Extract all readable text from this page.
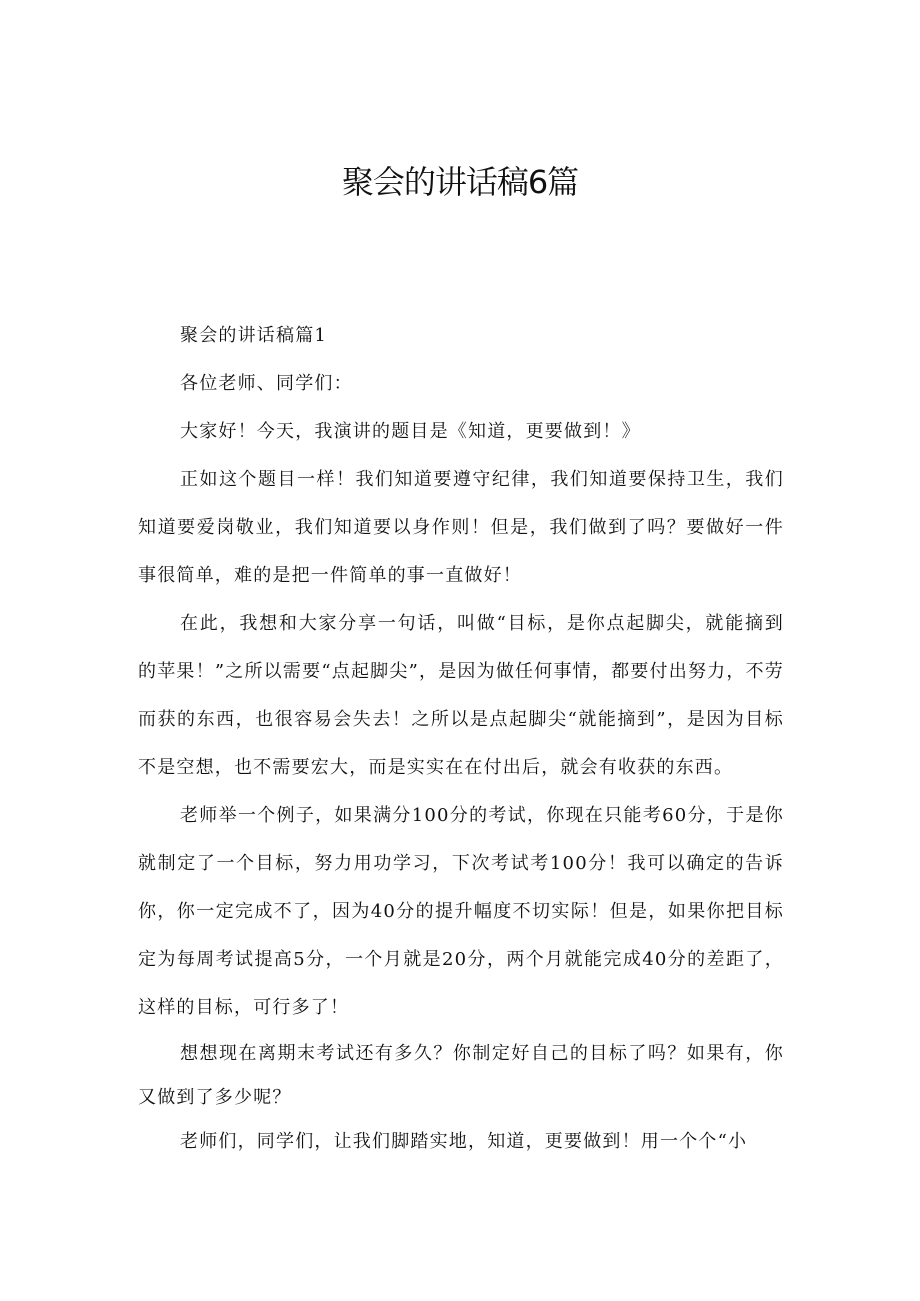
聚会的讲话稿6篇

聚会的讲话稿篇1

各位老师、同学们：

大家好！今天，我演讲的题目是《知道，更要做到！》

正如这个题目一样！我们知道要遵守纪律，我们知道要保持卫生，我们知道要爱岗敬业，我们知道要以身作则！但是，我们做到了吗？要做好一件事很简单，难的是把一件简单的事一直做好！

在此，我想和大家分享一句话，叫做“目标，是你点起脚尖，就能摘到的苹果！”之所以需要“点起脚尖”，是因为做任何事情，都要付出努力，不劳而获的东西，也很容易会失去！之所以是点起脚尖“就能摘到”，是因为目标不是空想，也不需要宏大，而是实实在在付出后，就会有收获的东西。

老师举一个例子，如果满分100分的考试，你现在只能考60分，于是你就制定了一个目标，努力用功学习，下次考试考100分！我可以确定的告诉你，你一定完成不了，因为40分的提升幅度不切实际！但是，如果你把目标定为每周考试提高5分，一个月就是20分，两个月就能完成40分的差距了，这样的目标，可行多了！

想想现在离期末考试还有多久？你制定好自己的目标了吗？如果有，你又做到了多少呢？

老师们，同学们，让我们脚踏实地，知道，更要做到！用一个个“小
